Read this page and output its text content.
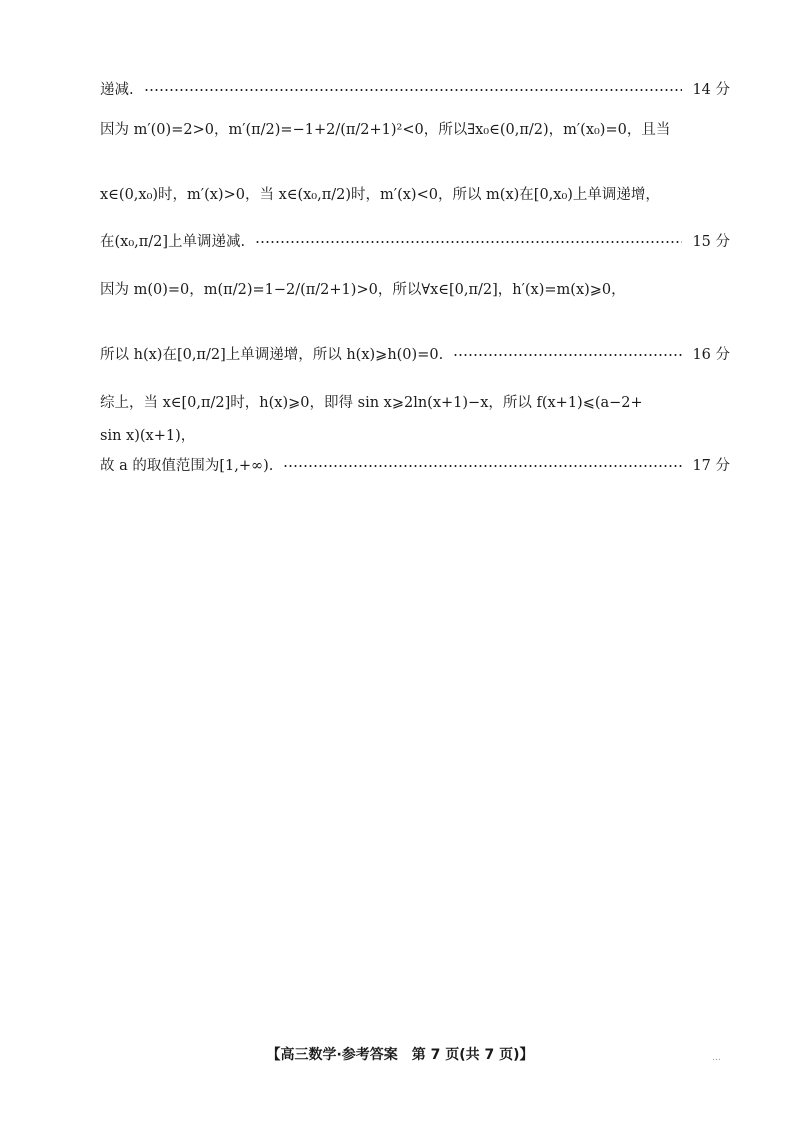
递减.	14 分
因为 m′(0)=2>0，m′(π/2)=−1+2/(π/2+1)²<0，所以∃x₀∈(0,π/2)，m′(x₀)=0，且当
x∈(0,x₀)时，m′(x)>0，当 x∈(x₀,π/2)时，m′(x)<0，所以 m(x)在[0,x₀)上单调递增，
在(x₀,π/2]上单调递减.	15 分
因为 m(0)=0，m(π/2)=1−2/(π/2+1)>0，所以∀x∈[0,π/2]，h′(x)=m(x)⩾0，
所以 h(x)在[0,π/2]上单调递增，所以 h(x)⩾h(0)=0.	16 分
综上，当 x∈[0,π/2]时，h(x)⩾0，即得 sin x⩾2ln(x+1)−x，所以 f(x+1)⩽(a−2+
sin x)(x+1)，
故 a 的取值范围为[1,+∞).	17 分
【高三数学·参考答案　第 7 页(共 7 页)】	…
